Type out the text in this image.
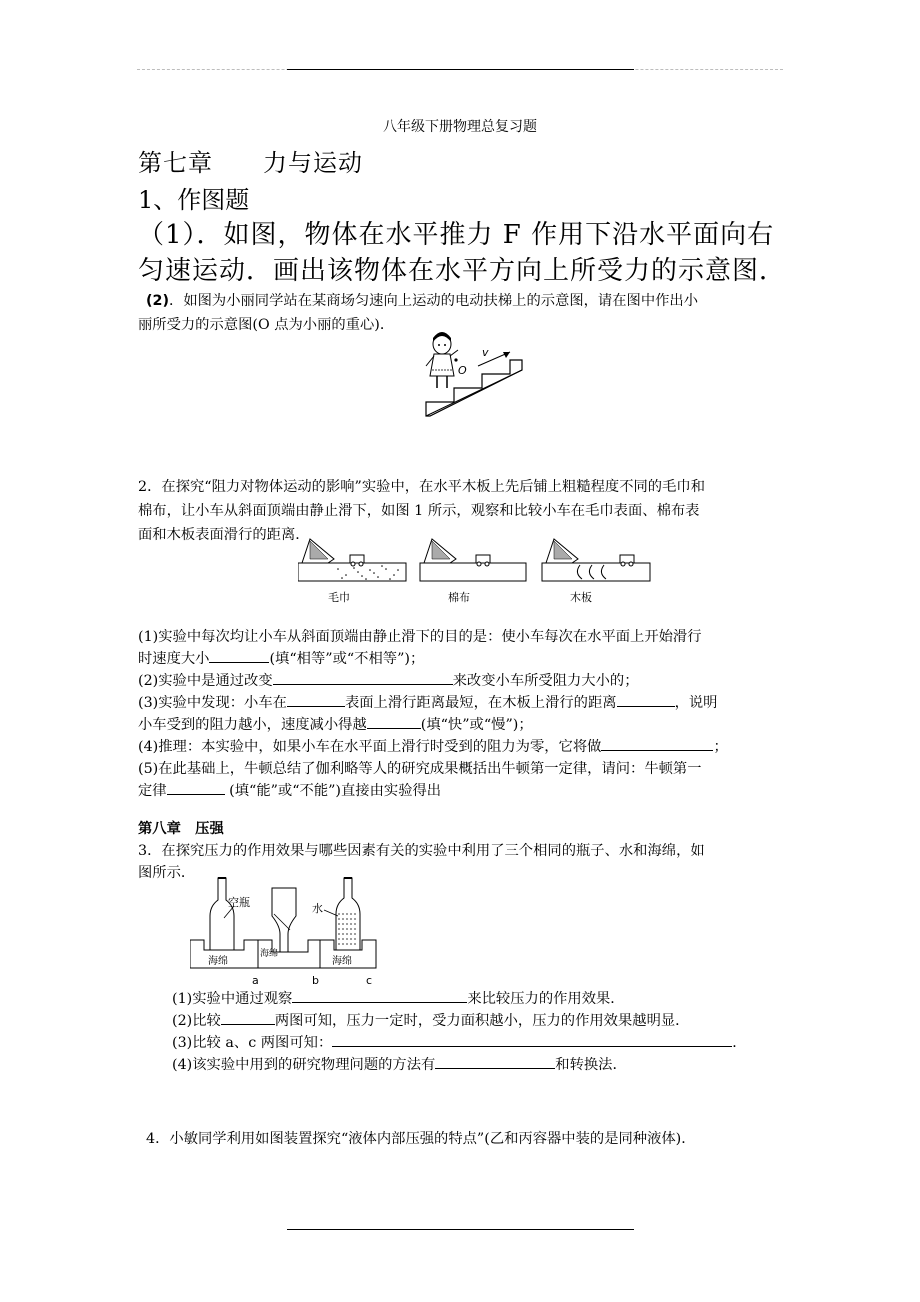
八年级下册物理总复习题
第七章　　力与运动
1、作图题
（1）．如图，物体在水平推力 F 作用下沿水平面向右
匀速运动．画出该物体在水平方向上所受力的示意图．
(2)．如图为小丽同学站在某商场匀速向上运动的电动扶梯上的示意图，请在图中作出小
丽所受力的示意图(O 点为小丽的重心)．
O
v
2．在探究“阻力对物体运动的影响”实验中，在水平木板上先后铺上粗糙程度不同的毛巾和
棉布，让小车从斜面顶端由静止滑下，如图 1 所示，观察和比较小车在毛巾表面、棉布表
面和木板表面滑行的距离．
毛巾	棉布	木板
(1)实验中每次均让小车从斜面顶端由静止滑下的目的是：使小车每次在水平面上开始滑行
时速度大小	(填“相等”或“不相等”)；
(2)实验中是通过改变	来改变小车所受阻力大小的；
(3)实验中发现：小车在	表面上滑行距离最短，在木板上滑行的距离	，说明
小车受到的阻力越小，速度减小得越	(填“快”或“慢”)；
(4)推理：本实验中，如果小车在水平面上滑行时受到的阻力为零，它将做	；
(5)在此基础上，牛顿总结了伽利略等人的研究成果概括出牛顿第一定律，请问：牛顿第一
定律	(填“能”或“不能”)直接由实验得出
第八章　压强
3．在探究压力的作用效果与哪些因素有关的实验中利用了三个相同的瓶子、水和海绵，如
图所示．
空瓶
海绵
a
海绵
b
水
海绵
c
(1)实验中通过观察	来比较压力的作用效果．
(2)比较	两图可知，压力一定时，受力面积越小，压力的作用效果越明显．
(3)比较 a、c 两图可知：	．
(4)该实验中用到的研究物理问题的方法有	和转换法．
4．小敏同学利用如图装置探究“液体内部压强的特点”(乙和丙容器中装的是同种液体)．
